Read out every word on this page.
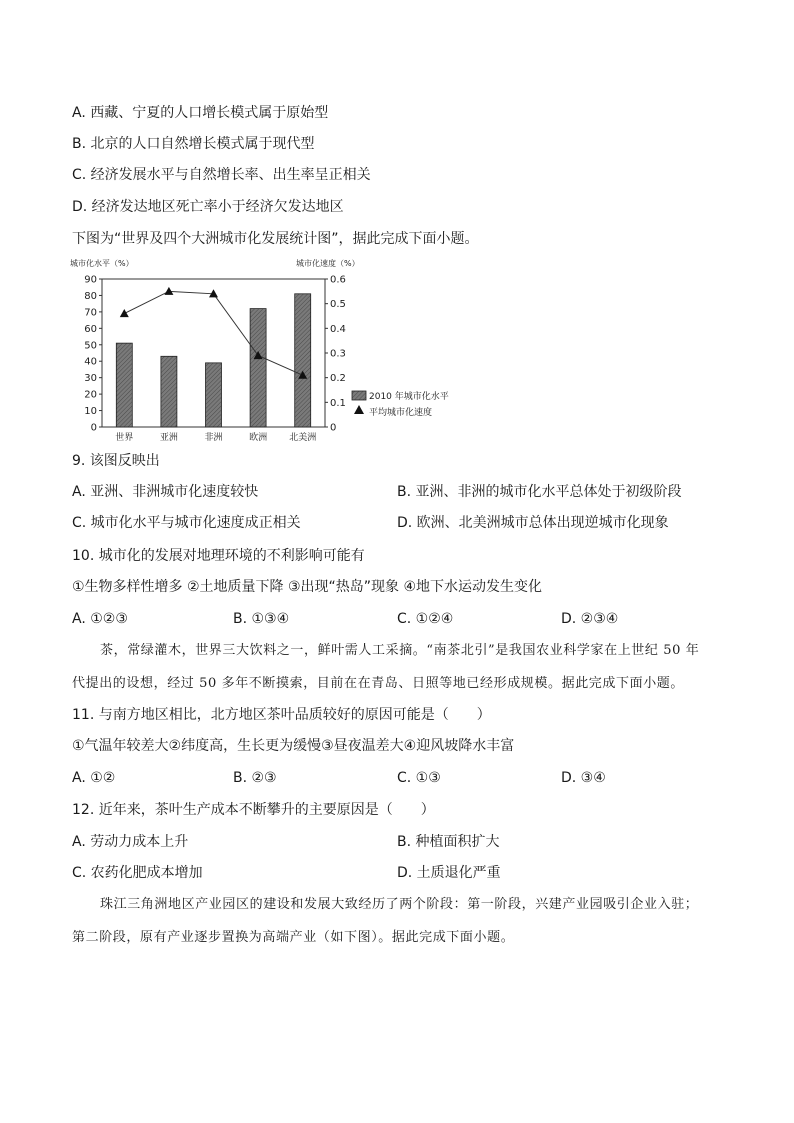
A. 西藏、宁夏的人口增长模式属于原始型
B. 北京的人口自然增长模式属于现代型
C. 经济发展水平与自然增长率、出生率呈正相关
D. 经济发达地区死亡率小于经济欠发达地区
下图为“世界及四个大洲城市化发展统计图”，据此完成下面小题。
城市化水平（%）	城市化速度（%）
0
10
20
30
40
50
60
70
80
90
0
0.1
0.2
0.3
0.4
0.5
0.6
世界	亚洲	非洲	欧洲 北美洲
2010 年城市化水平
平均城市化速度
9. 该图反映出
A. 亚洲、非洲城市化速度较快	B. 亚洲、非洲的城市化水平总体处于初级阶段
C. 城市化水平与城市化速度成正相关	D. 欧洲、北美洲城市总体出现逆城市化现象
10. 城市化的发展对地理环境的不利影响可能有
①生物多样性增多 ②土地质量下降 ③出现“热岛”现象 ④地下水运动发生变化
A. ①②③	B. ①③④	C. ①②④	D. ②③④
茶，常绿灌木，世界三大饮料之一，鲜叶需人工采摘。“南茶北引”是我国农业科学家在上世纪 50 年
代提出的设想，经过 50 多年不断摸索，目前在在青岛、日照等地已经形成规模。据此完成下面小题。
11. 与南方地区相比，北方地区茶叶品质较好的原因可能是（　　）
①气温年较差大②纬度高，生长更为缓慢③昼夜温差大④迎风坡降水丰富
A. ①②	B. ②③	C. ①③	D. ③④
12. 近年来，茶叶生产成本不断攀升的主要原因是（　　）
A. 劳动力成本上升	B. 种植面积扩大
C. 农药化肥成本增加	D. 土质退化严重
珠江三角洲地区产业园区的建设和发展大致经历了两个阶段：第一阶段，兴建产业园吸引企业入驻；
第二阶段，原有产业逐步置换为高端产业（如下图）。据此完成下面小题。
